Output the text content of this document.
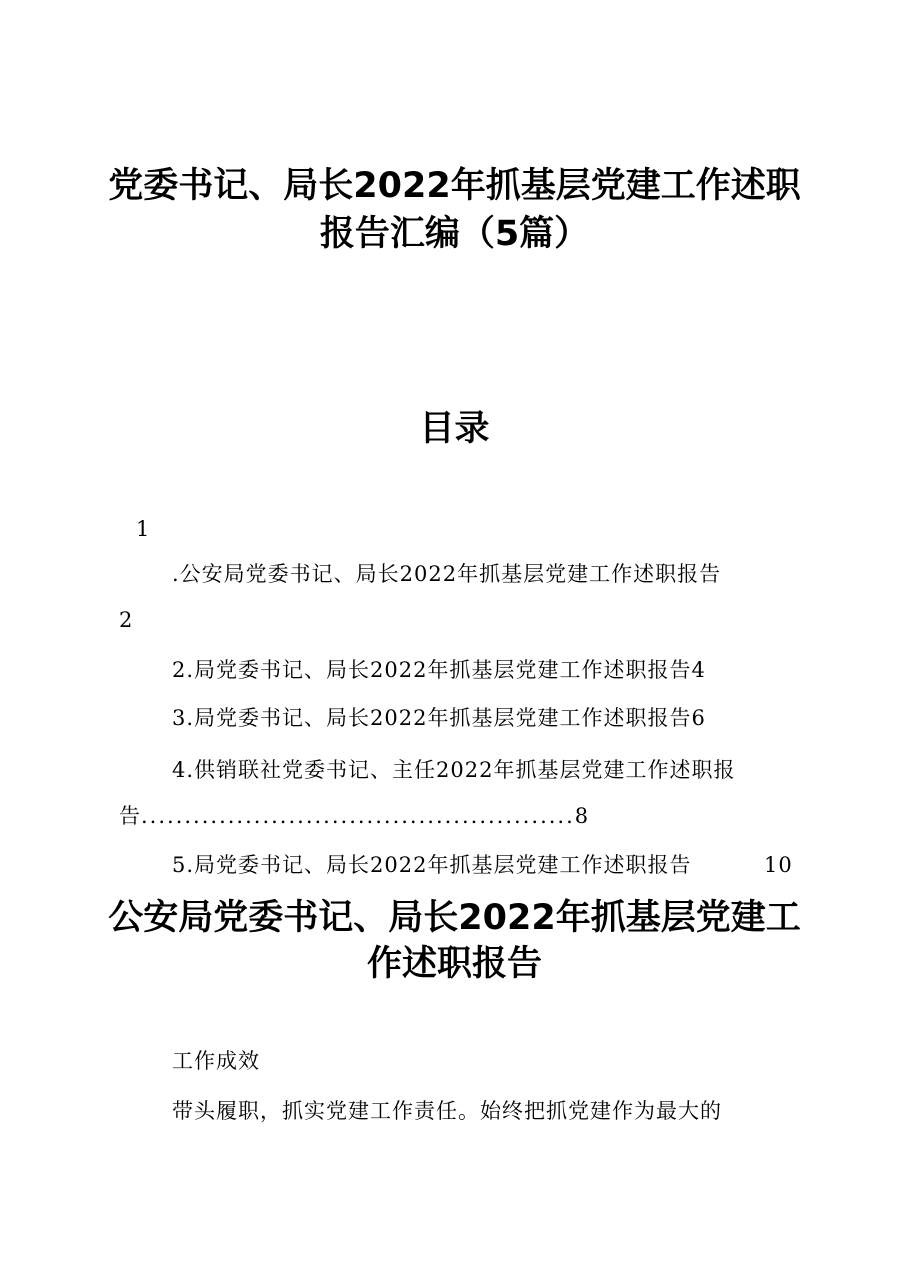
党委书记、局长2022年抓基层党建工作述职
报告汇编（5篇）
目录
1
.公安局党委书记、局长2022年抓基层党建工作述职报告
2
2.局党委书记、局长2022年抓基层党建工作述职报告4
3.局党委书记、局长2022年抓基层党建工作述职报告6
4.供销联社党委书记、主任2022年抓基层党建工作述职报
告..................................................8
5.局党委书记、局长2022年抓基层党建工作述职报告	10
公安局党委书记、局长2022年抓基层党建工
作述职报告
工作成效
带头履职，抓实党建工作责任。始终把抓党建作为最大的
